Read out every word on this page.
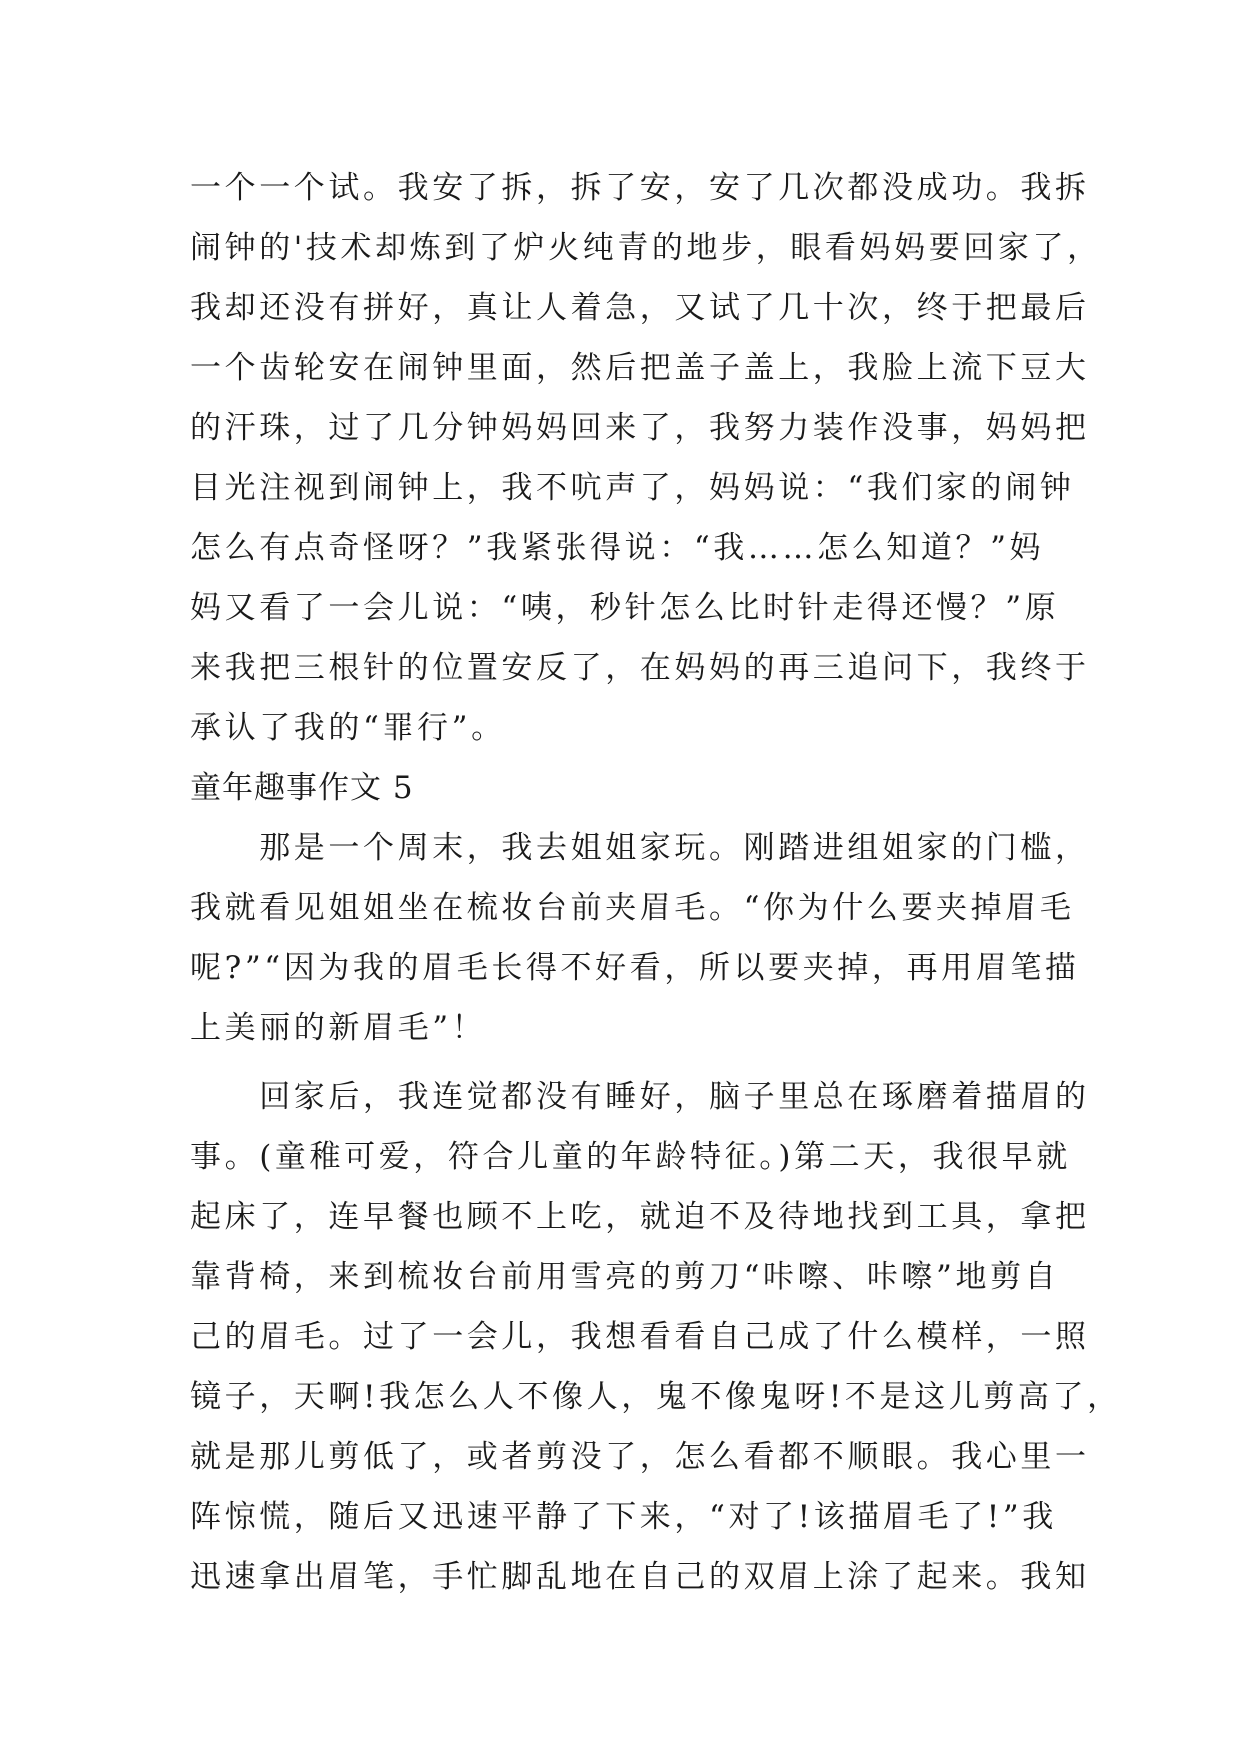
一个一个试。我安了拆，拆了安，安了几次都没成功。我拆
闹钟的'技术却炼到了炉火纯青的地步，眼看妈妈要回家了，
我却还没有拼好，真让人着急，又试了几十次，终于把最后
一个齿轮安在闹钟里面，然后把盖子盖上，我脸上流下豆大
的汗珠，过了几分钟妈妈回来了，我努力装作没事，妈妈把
目光注视到闹钟上，我不吭声了，妈妈说：“我们家的闹钟
怎么有点奇怪呀？”我紧张得说：“我……怎么知道？”妈
妈又看了一会儿说：“咦，秒针怎么比时针走得还慢？”原
来我把三根针的位置安反了，在妈妈的再三追问下，我终于
承认了我的“罪行”。
童年趣事作文 5
　　那是一个周末，我去姐姐家玩。刚踏进组姐家的门槛，
我就看见姐姐坐在梳妆台前夹眉毛。“你为什么要夹掉眉毛
呢?”“因为我的眉毛长得不好看，所以要夹掉，再用眉笔描
上美丽的新眉毛”！
　　回家后，我连觉都没有睡好，脑子里总在琢磨着描眉的
事。(童稚可爱，符合儿童的年龄特征。)第二天，我很早就
起床了，连早餐也顾不上吃，就迫不及待地找到工具，拿把
靠背椅，来到梳妆台前用雪亮的剪刀“咔嚓、咔嚓”地剪自
己的眉毛。过了一会儿，我想看看自己成了什么模样，一照
镜子，天啊!我怎么人不像人，鬼不像鬼呀!不是这儿剪高了，
就是那儿剪低了，或者剪没了，怎么看都不顺眼。我心里一
阵惊慌，随后又迅速平静了下来，“对了!该描眉毛了!”我
迅速拿出眉笔，手忙脚乱地在自己的双眉上涂了起来。我知
